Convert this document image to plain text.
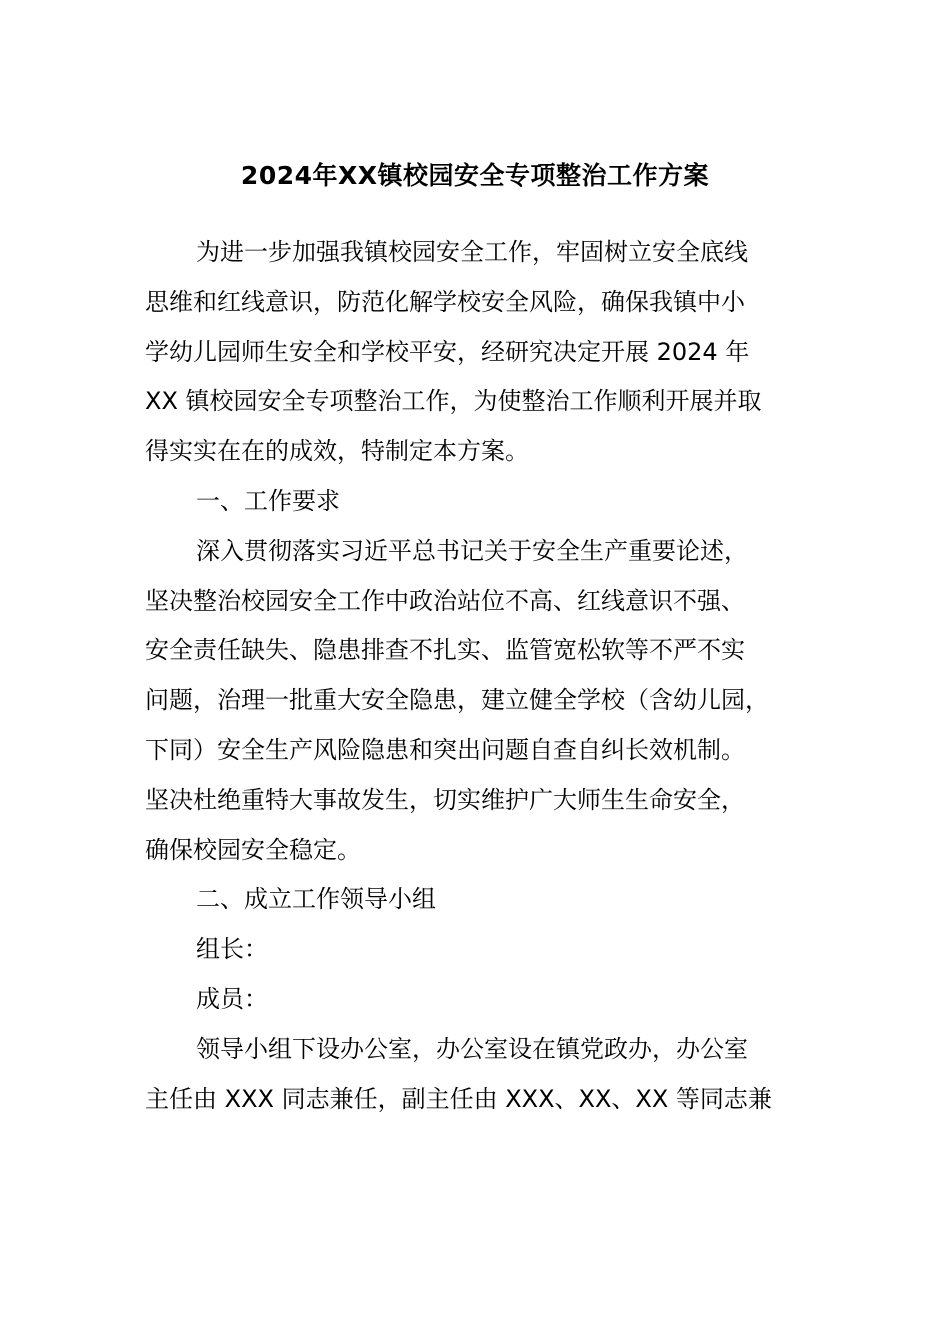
2024年XX镇校园安全专项整治工作方案
为进一步加强我镇校园安全工作，牢固树立安全底线
思维和红线意识，防范化解学校安全风险，确保我镇中小
学幼儿园师生安全和学校平安，经研究决定开展 2024 年
XX 镇校园安全专项整治工作，为使整治工作顺利开展并取
得实实在在的成效，特制定本方案。
一、工作要求
深入贯彻落实习近平总书记关于安全生产重要论述，
坚决整治校园安全工作中政治站位不高、红线意识不强、
安全责任缺失、隐患排查不扎实、监管宽松软等不严不实
问题，治理一批重大安全隐患，建立健全学校（含幼儿园，
下同）安全生产风险隐患和突出问题自查自纠长效机制。
坚决杜绝重特大事故发生，切实维护广大师生生命安全，
确保校园安全稳定。
二、成立工作领导小组
组长：
成员：
领导小组下设办公室，办公室设在镇党政办，办公室
主任由 XXX 同志兼任，副主任由 XXX、XX、XX 等同志兼
